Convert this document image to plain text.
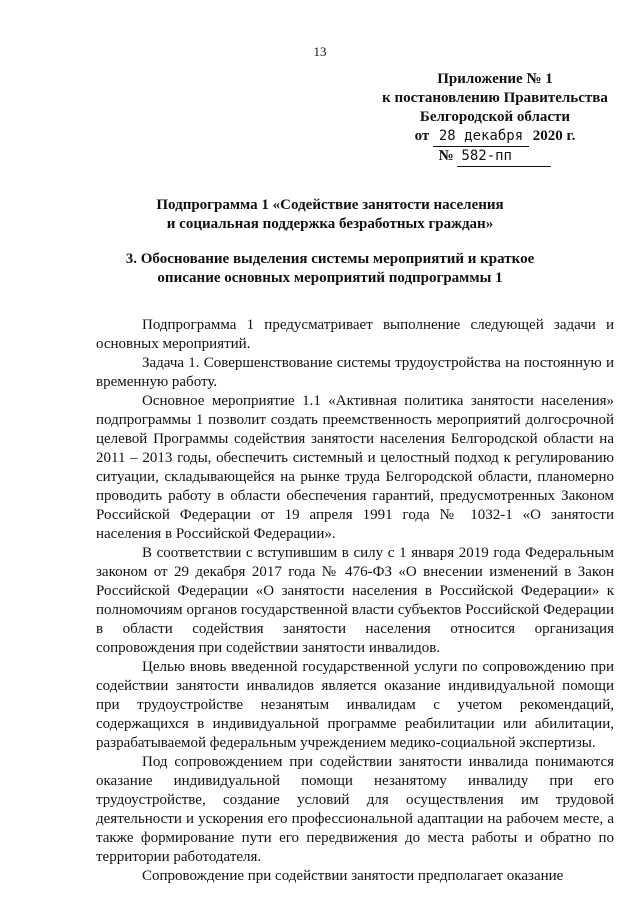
13
Приложение № 1
к постановлению Правительства
Белгородской области
от 28 декабря 2020 г.
№ 582-пп
Подпрограмма 1 «Содействие занятости населения
и социальная поддержка безработных граждан»
3. Обоснование выделения системы мероприятий и краткое
описание основных мероприятий подпрограммы 1

Подпрограмма 1 предусматривает выполнение следующей задачи и основных мероприятий.

Задача 1. Совершенствование системы трудоустройства на постоянную и временную работу.

Основное мероприятие 1.1 «Активная политика занятости населения» подпрограммы 1 позволит создать преемственность мероприятий долгосрочной целевой Программы содействия занятости населения Белгородской области на 2011 – 2013 годы, обеспечить системный и целостный подход к регулированию ситуации, складывающейся на рынке труда Белгородской области, планомерно проводить работу в области обеспечения гарантий, предусмотренных Законом Российской Федерации от 19 апреля 1991 года № 1032-1 «О занятости населения в Российской Федерации».

В соответствии с вступившим в силу с 1 января 2019 года Федеральным законом от 29 декабря 2017 года № 476-ФЗ «О внесении изменений в Закон Российской Федерации «О занятости населения в Российской Федерации» к полномочиям органов государственной власти субъектов Российской Федерации в области содействия занятости населения относится организация сопровождения при содействии занятости инвалидов.

Целью вновь введенной государственной услуги по сопровождению при содействии занятости инвалидов является оказание индивидуальной помощи при трудоустройстве незанятым инвалидам с учетом рекомендаций, содержащихся в индивидуальной программе реабилитации или абилитации, разрабатываемой федеральным учреждением медико-социальной экспертизы.

Под сопровождением при содействии занятости инвалида понимаются оказание индивидуальной помощи незанятому инвалиду при его трудоустройстве, создание условий для осуществления им трудовой деятельности и ускорения его профессиональной адаптации на рабочем месте, а также формирование пути его передвижения до места работы и обратно по территории работодателя.

Сопровождение при содействии занятости предполагает оказание
